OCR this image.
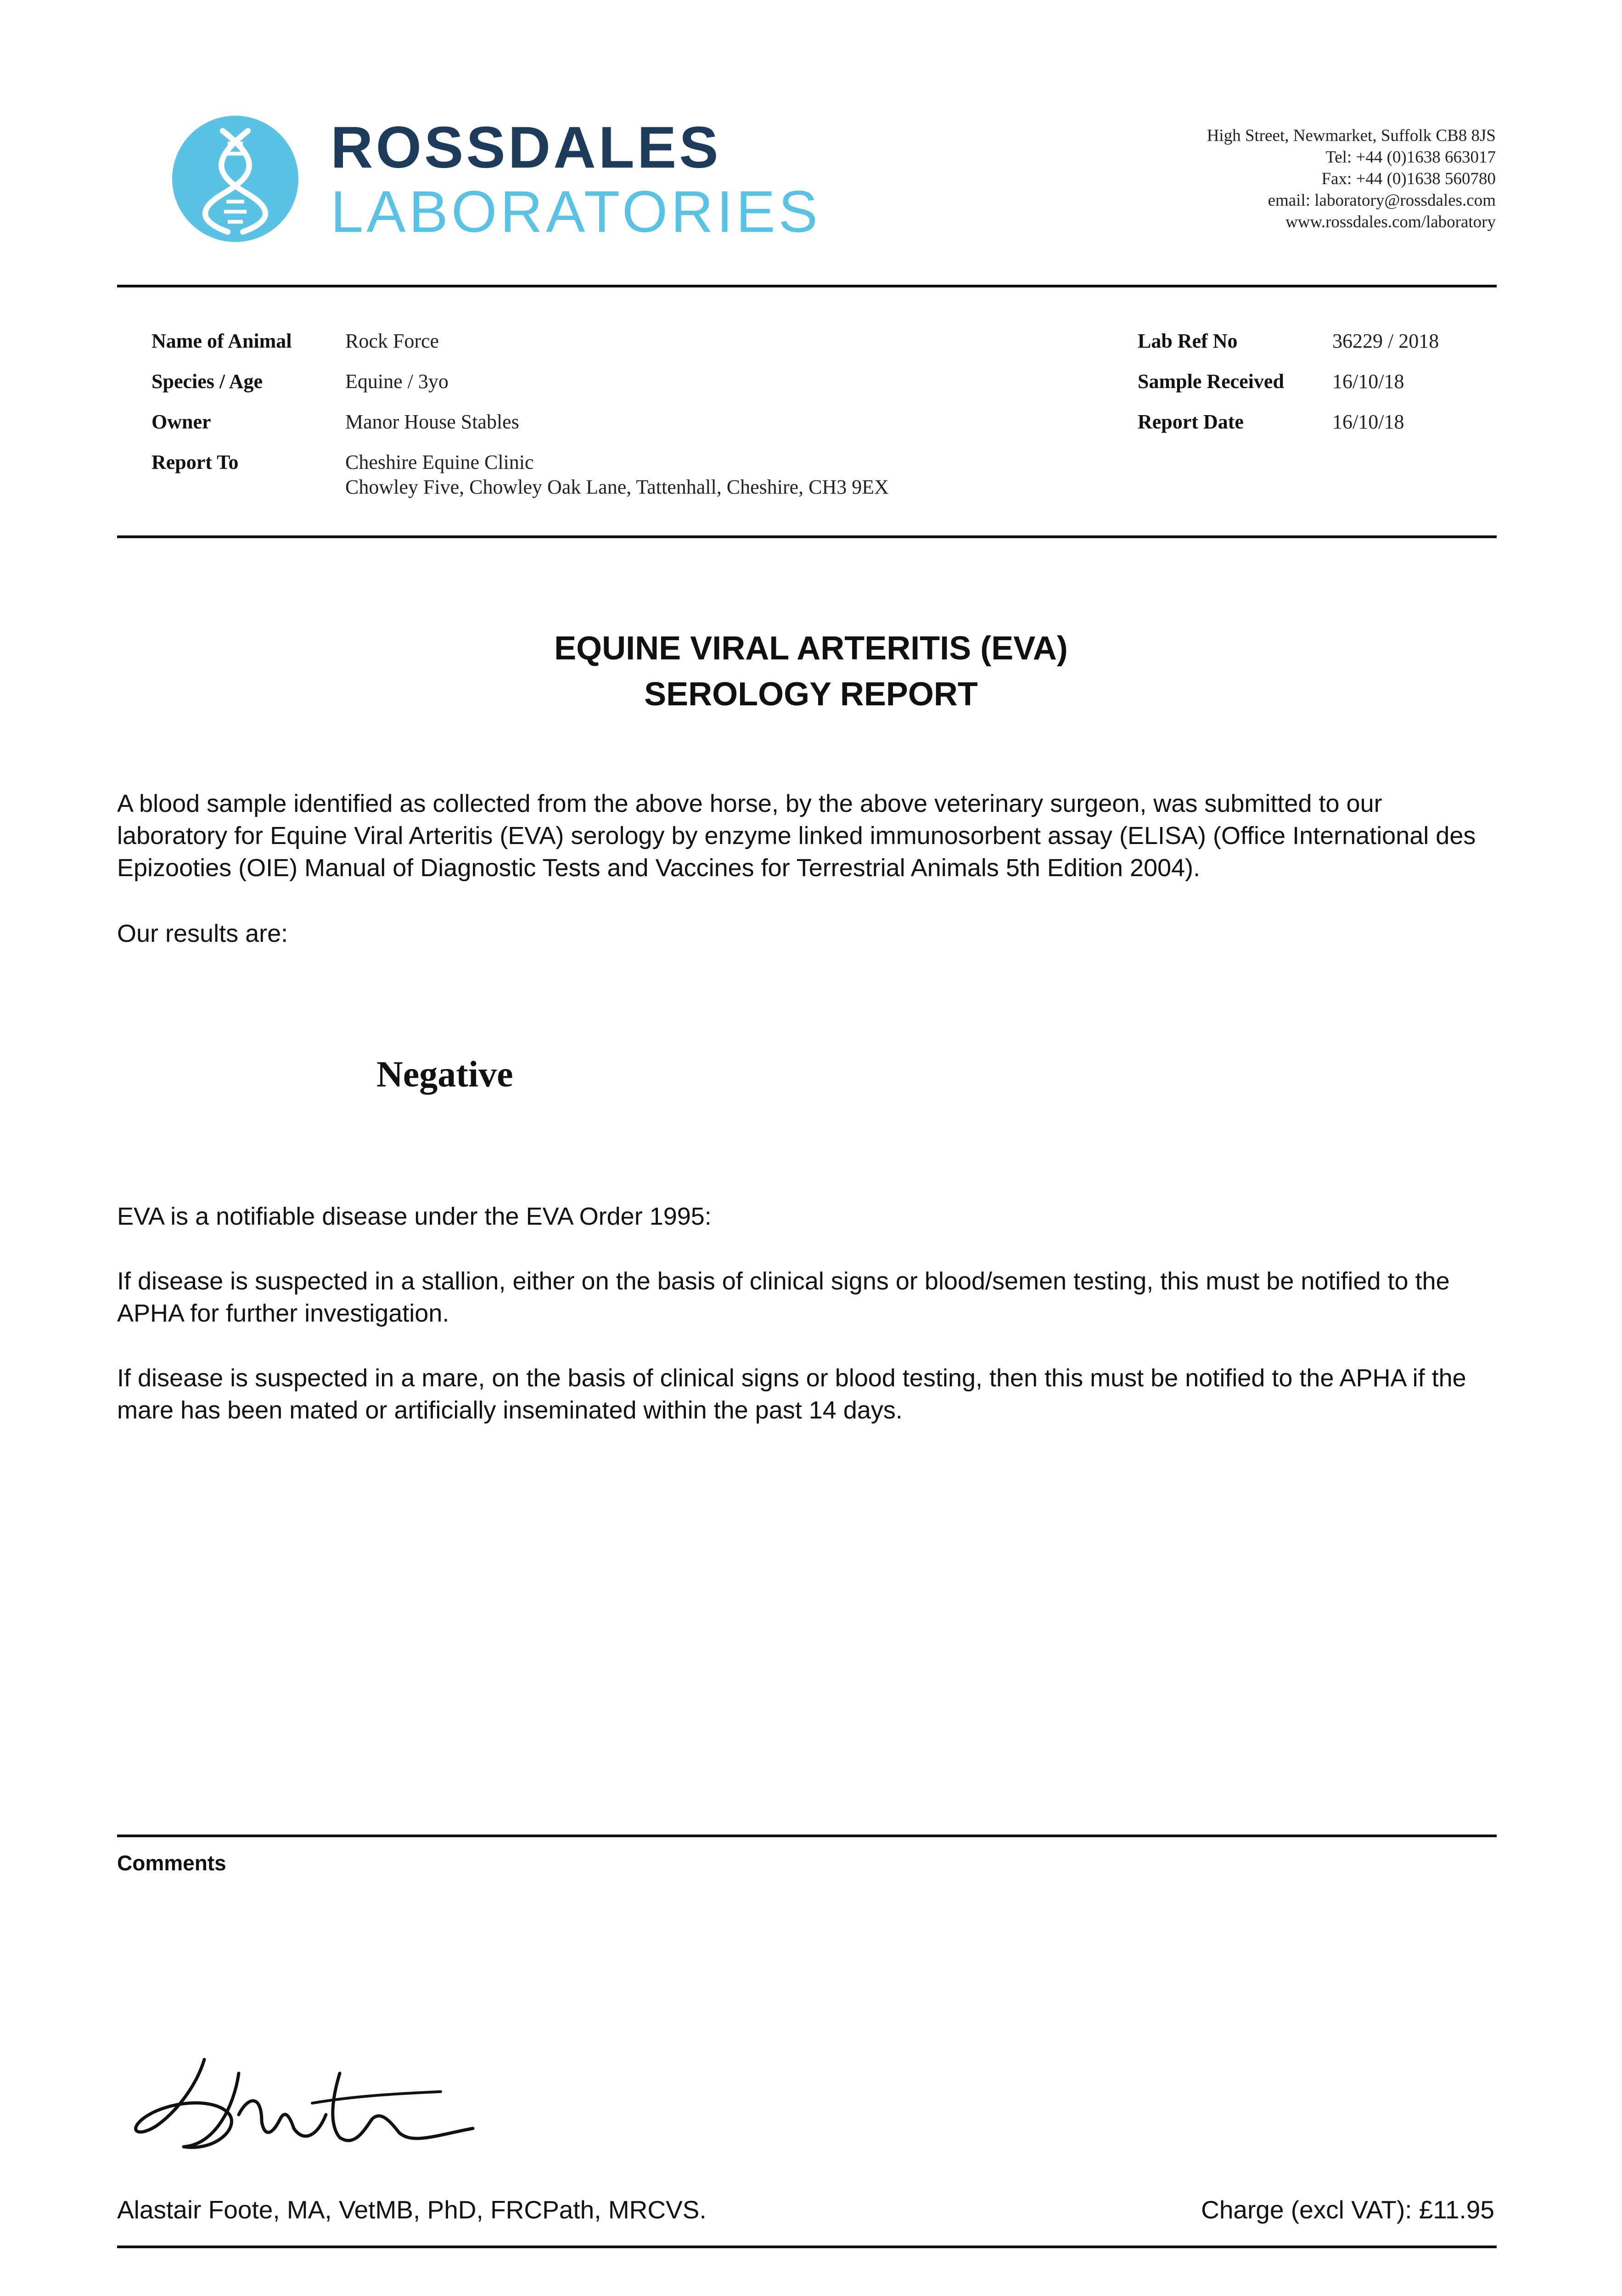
ROSSDALES
LABORATORIES
High Street, Newmarket, Suffolk CB8 8JS
Tel: +44 (0)1638 663017
Fax: +44 (0)1638 560780
email: laboratory@rossdales.com
www.rossdales.com/laboratory
Name of Animal	Rock Force
Species / Age	Equine / 3yo
Owner	Manor House Stables
Report To	Cheshire Equine Clinic
Chowley Five, Chowley Oak Lane, Tattenhall, Cheshire, CH3 9EX
Lab Ref No	36229 / 2018
Sample Received 16/10/18
Report Date	16/10/18
EQUINE VIRAL ARTERITIS (EVA)
SEROLOGY REPORT
A blood sample identified as collected from the above horse, by the above veterinary surgeon, was submitted to our laboratory for Equine Viral Arteritis (EVA) serology by enzyme linked immunosorbent assay (ELISA) (Office International des Epizooties (OIE) Manual of Diagnostic Tests and Vaccines for Terrestrial Animals 5th Edition 2004).
Our results are:
Negative
EVA is a notifiable disease under the EVA Order 1995:
If disease is suspected in a stallion, either on the basis of clinical signs or blood/semen testing, this must be notified to the APHA for further investigation.
If disease is suspected in a mare, on the basis of clinical signs or blood testing, then this must be notified to the APHA if the mare has been mated or artificially inseminated within the past 14 days.
Comments
Alastair Foote, MA, VetMB, PhD, FRCPath, MRCVS.	Charge (excl VAT): £11.95
